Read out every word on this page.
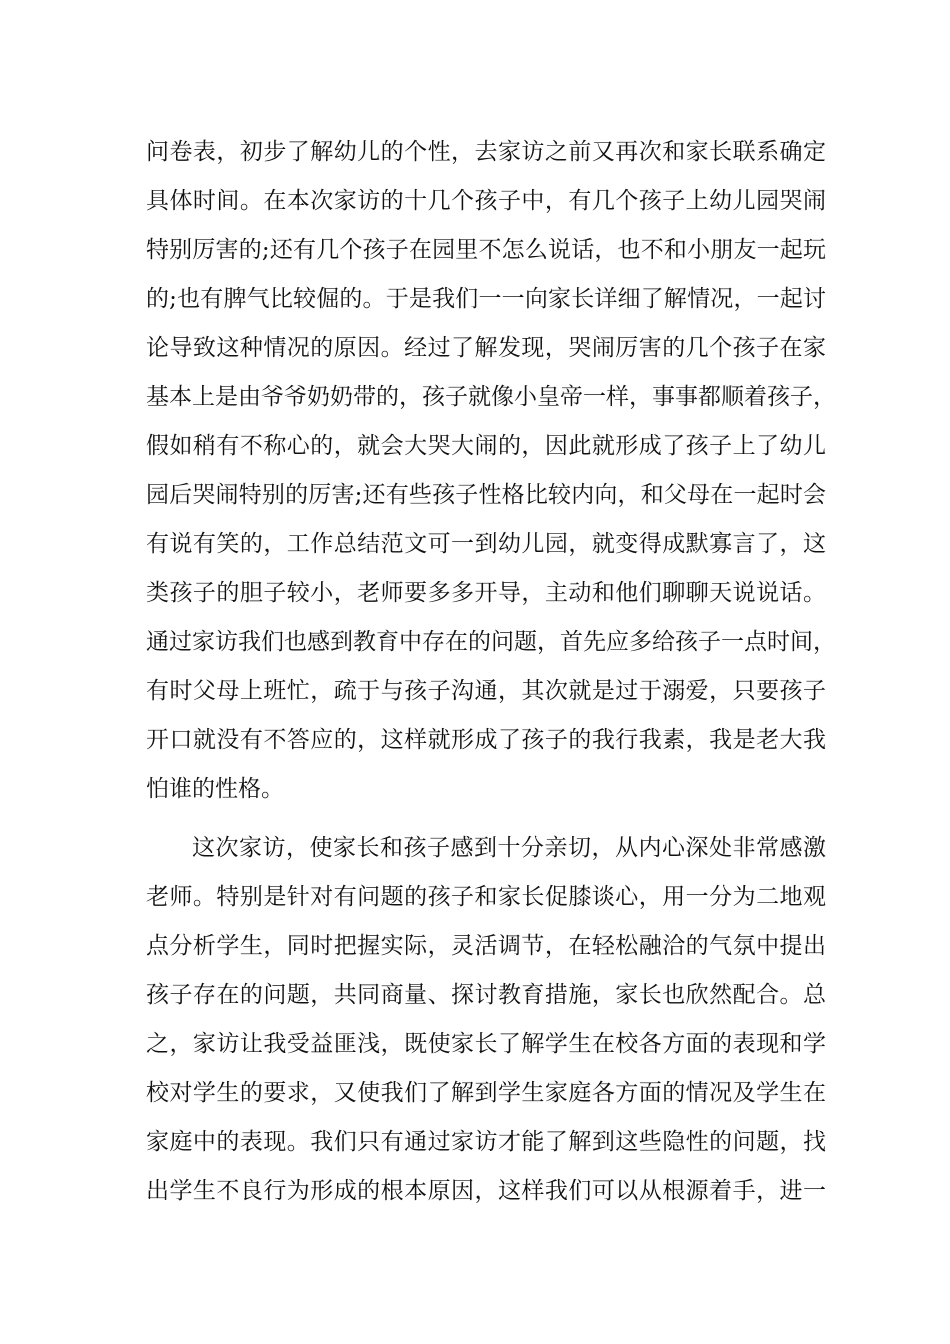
问卷表，初步了解幼儿的个性，去家访之前又再次和家长联系确定
具体时间。在本次家访的十几个孩子中，有几个孩子上幼儿园哭闹
特别厉害的;还有几个孩子在园里不怎么说话，也不和小朋友一起玩
的;也有脾气比较倔的。于是我们一一向家长详细了解情况，一起讨
论导致这种情况的原因。经过了解发现，哭闹厉害的几个孩子在家
基本上是由爷爷奶奶带的，孩子就像小皇帝一样，事事都顺着孩子，
假如稍有不称心的，就会大哭大闹的，因此就形成了孩子上了幼儿
园后哭闹特别的厉害;还有些孩子性格比较内向，和父母在一起时会
有说有笑的，工作总结范文可一到幼儿园，就变得成默寡言了，这
类孩子的胆子较小，老师要多多开导，主动和他们聊聊天说说话。
通过家访我们也感到教育中存在的问题，首先应多给孩子一点时间，
有时父母上班忙，疏于与孩子沟通，其次就是过于溺爱，只要孩子
开口就没有不答应的，这样就形成了孩子的我行我素，我是老大我
怕谁的性格。
这次家访，使家长和孩子感到十分亲切，从内心深处非常感激
老师。特别是针对有问题的孩子和家长促膝谈心，用一分为二地观
点分析学生，同时把握实际，灵活调节，在轻松融洽的气氛中提出
孩子存在的问题，共同商量、探讨教育措施，家长也欣然配合。总
之，家访让我受益匪浅，既使家长了解学生在校各方面的表现和学
校对学生的要求，又使我们了解到学生家庭各方面的情况及学生在
家庭中的表现。我们只有通过家访才能了解到这些隐性的问题，找
出学生不良行为形成的根本原因，这样我们可以从根源着手，进一
